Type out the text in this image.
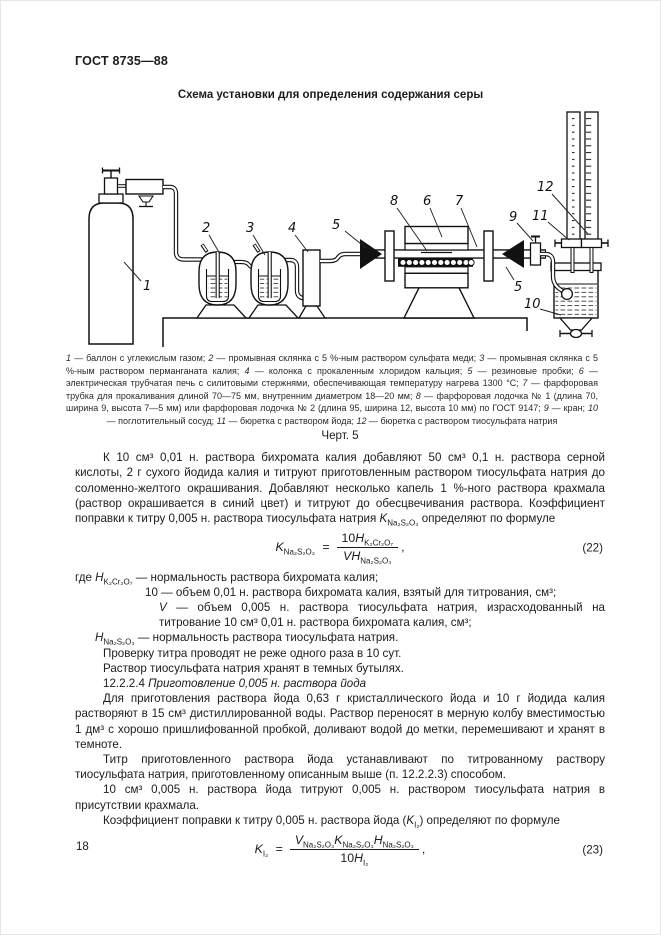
ГОСТ 8735—88
Схема установки для определения содержания серы
1
2	3	4	5
8 6 7
9 11
12
5
10
1 — баллон с углекислым газом; 2 — промывная склянка с 5 %-ным раствором сульфата меди; 3 — промывная склянка с 5 %-ным раствором перманганата калия; 4 — колонка с прокаленным хлоридом кальция; 5 — резиновые пробки; 6 — электрическая трубчатая печь с силитовыми стержнями, обеспечивающая температуру нагрева 1300 °С; 7 — фарфоровая трубка для прокаливания длиной 70—75 мм, внутренним диаметром 18—20 мм; 8 — фарфоровая лодочка № 1 (длина 70, ширина 9, высота 7—5 мм) или фарфоровая лодочка № 2 (длина 95, ширина 12, высота 10 мм) по ГОСТ 9147; 9 — кран; 10 — поглотительный сосуд; 11 — бюретка с раствором йода; 12 — бюретка с раствором тиосульфата натрия
Черт. 5

К 10 см³ 0,01 н. раствора бихромата калия добавляют 50 см³ 0,1 н. раствора серной кислоты, 2 г сухого йодида калия и титруют приготовленным раствором тиосульфата натрия до соломенно-желтого окрашивания. Добавляют несколько капель 1 %-ного раствора крахмала (раствор окрашивается в синий цвет) и титруют до обесцвечивания раствора. Коэффициент поправки к титру 0,005 н. раствора тиосульфата натрия $K_{Na_2S_2O_3}$ определяют по формуле

$K_{Na_2S_2O_3} = \frac{10H_{K_2Cr_2O_7}}{VH_{Na_2S_2O_3}}$ ,	(22)
где $H_{K_2Cr_2O_7}$ — нормальность раствора бихромата калия;
10 — объем 0,01 н. раствора бихромата калия, взятый для титрования, см³;
V — объем 0,005 н. раствора тиосульфата натрия, израсходованный на титрование 10 см³ 0,01 н. раствора бихромата калия, см³;
$H_{Na_2S_2O_3}$ — нормальность раствора тиосульфата натрия.

Проверку титра проводят не реже одного раза в 10 сут.

Раствор тиосульфата натрия хранят в темных бутылях.

12.2.2.4 Приготовление 0,005 н. раствора йода

Для приготовления раствора йода 0,63 г кристаллического йода и 10 г йодида калия растворяют в 15 см³ дистиллированной воды. Раствор переносят в мерную колбу вместимостью 1 дм³ с хорошо пришлифованной пробкой, доливают водой до метки, перемешивают и хранят в темноте.

Титр приготовленного раствора йода устанавливают по титрованному раствору тиосульфата натрия, приготовленному описанным выше (п. 12.2.2.3) способом.

10 см³ 0,005 н. раствора йода титруют 0,005 н. раствором тиосульфата натрия в присутствии крахмала.

Коэффициент поправки к титру 0,005 н. раствора йода $(K_{I_2})$ определяют по формуле

$K_{I_2} = \frac{V_{Na_2S_2O_3}K_{Na_2S_2O_3}H_{Na_2S_2O_3}}{10H_{I_2}}$ ,	(23)
18
